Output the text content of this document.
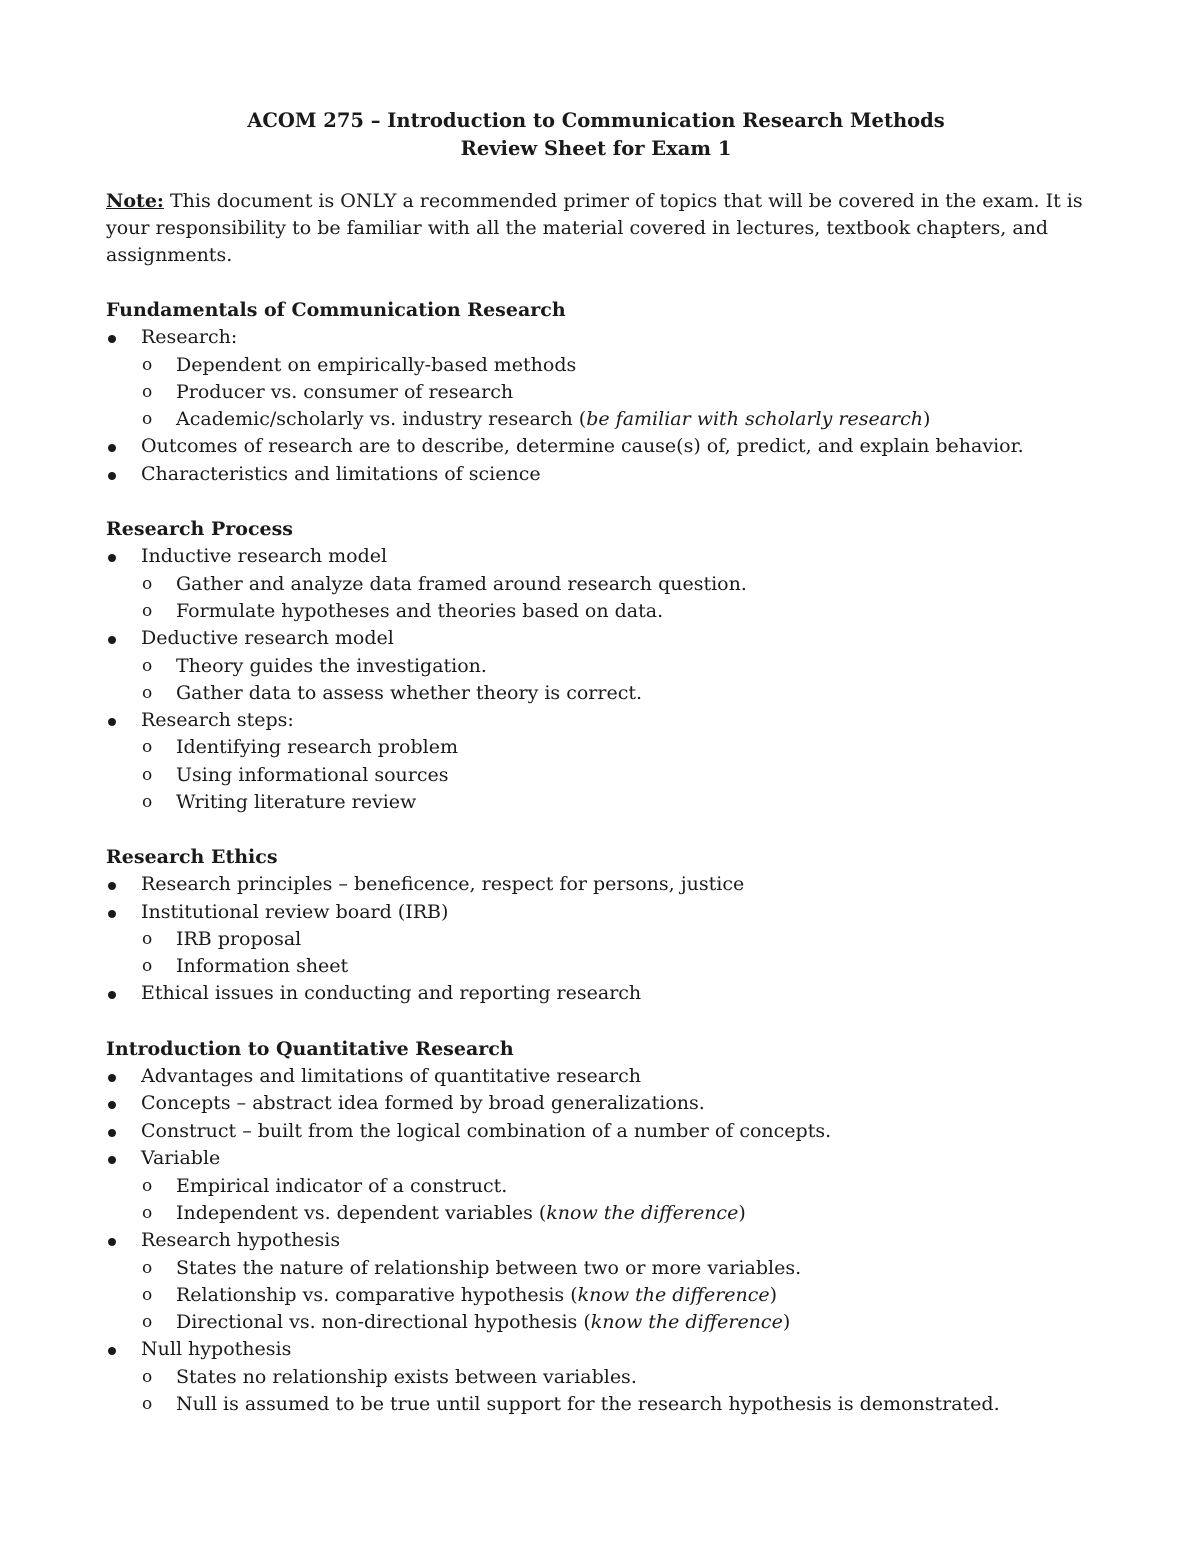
ACOM 275 – Introduction to Communication Research Methods
Review Sheet for Exam 1

Note: This document is ONLY a recommended primer of topics that will be covered in the exam. It is your responsibility to be familiar with all the material covered in lectures, textbook chapters, and assignments.

Fundamentals of Communication Research
Research:
o Dependent on empirically-based methods
o Producer vs. consumer of research
o Academic/scholarly vs. industry research (be familiar with scholarly research)
Outcomes of research are to describe, determine cause(s) of, predict, and explain behavior.
Characteristics and limitations of science
Research Process
Inductive research model
o Gather and analyze data framed around research question.
o Formulate hypotheses and theories based on data.
Deductive research model
o Theory guides the investigation.
o Gather data to assess whether theory is correct.
Research steps:
o Identifying research problem
o Using informational sources
o Writing literature review
Research Ethics
Research principles – beneficence, respect for persons, justice
Institutional review board (IRB)
o IRB proposal
o Information sheet
Ethical issues in conducting and reporting research
Introduction to Quantitative Research
Advantages and limitations of quantitative research
Concepts – abstract idea formed by broad generalizations.
Construct – built from the logical combination of a number of concepts.
Variable
o Empirical indicator of a construct.
o Independent vs. dependent variables (know the difference)
Research hypothesis
o States the nature of relationship between two or more variables.
o Relationship vs. comparative hypothesis (know the difference)
o Directional vs. non-directional hypothesis (know the difference)
Null hypothesis
o States no relationship exists between variables.
o Null is assumed to be true until support for the research hypothesis is demonstrated.
